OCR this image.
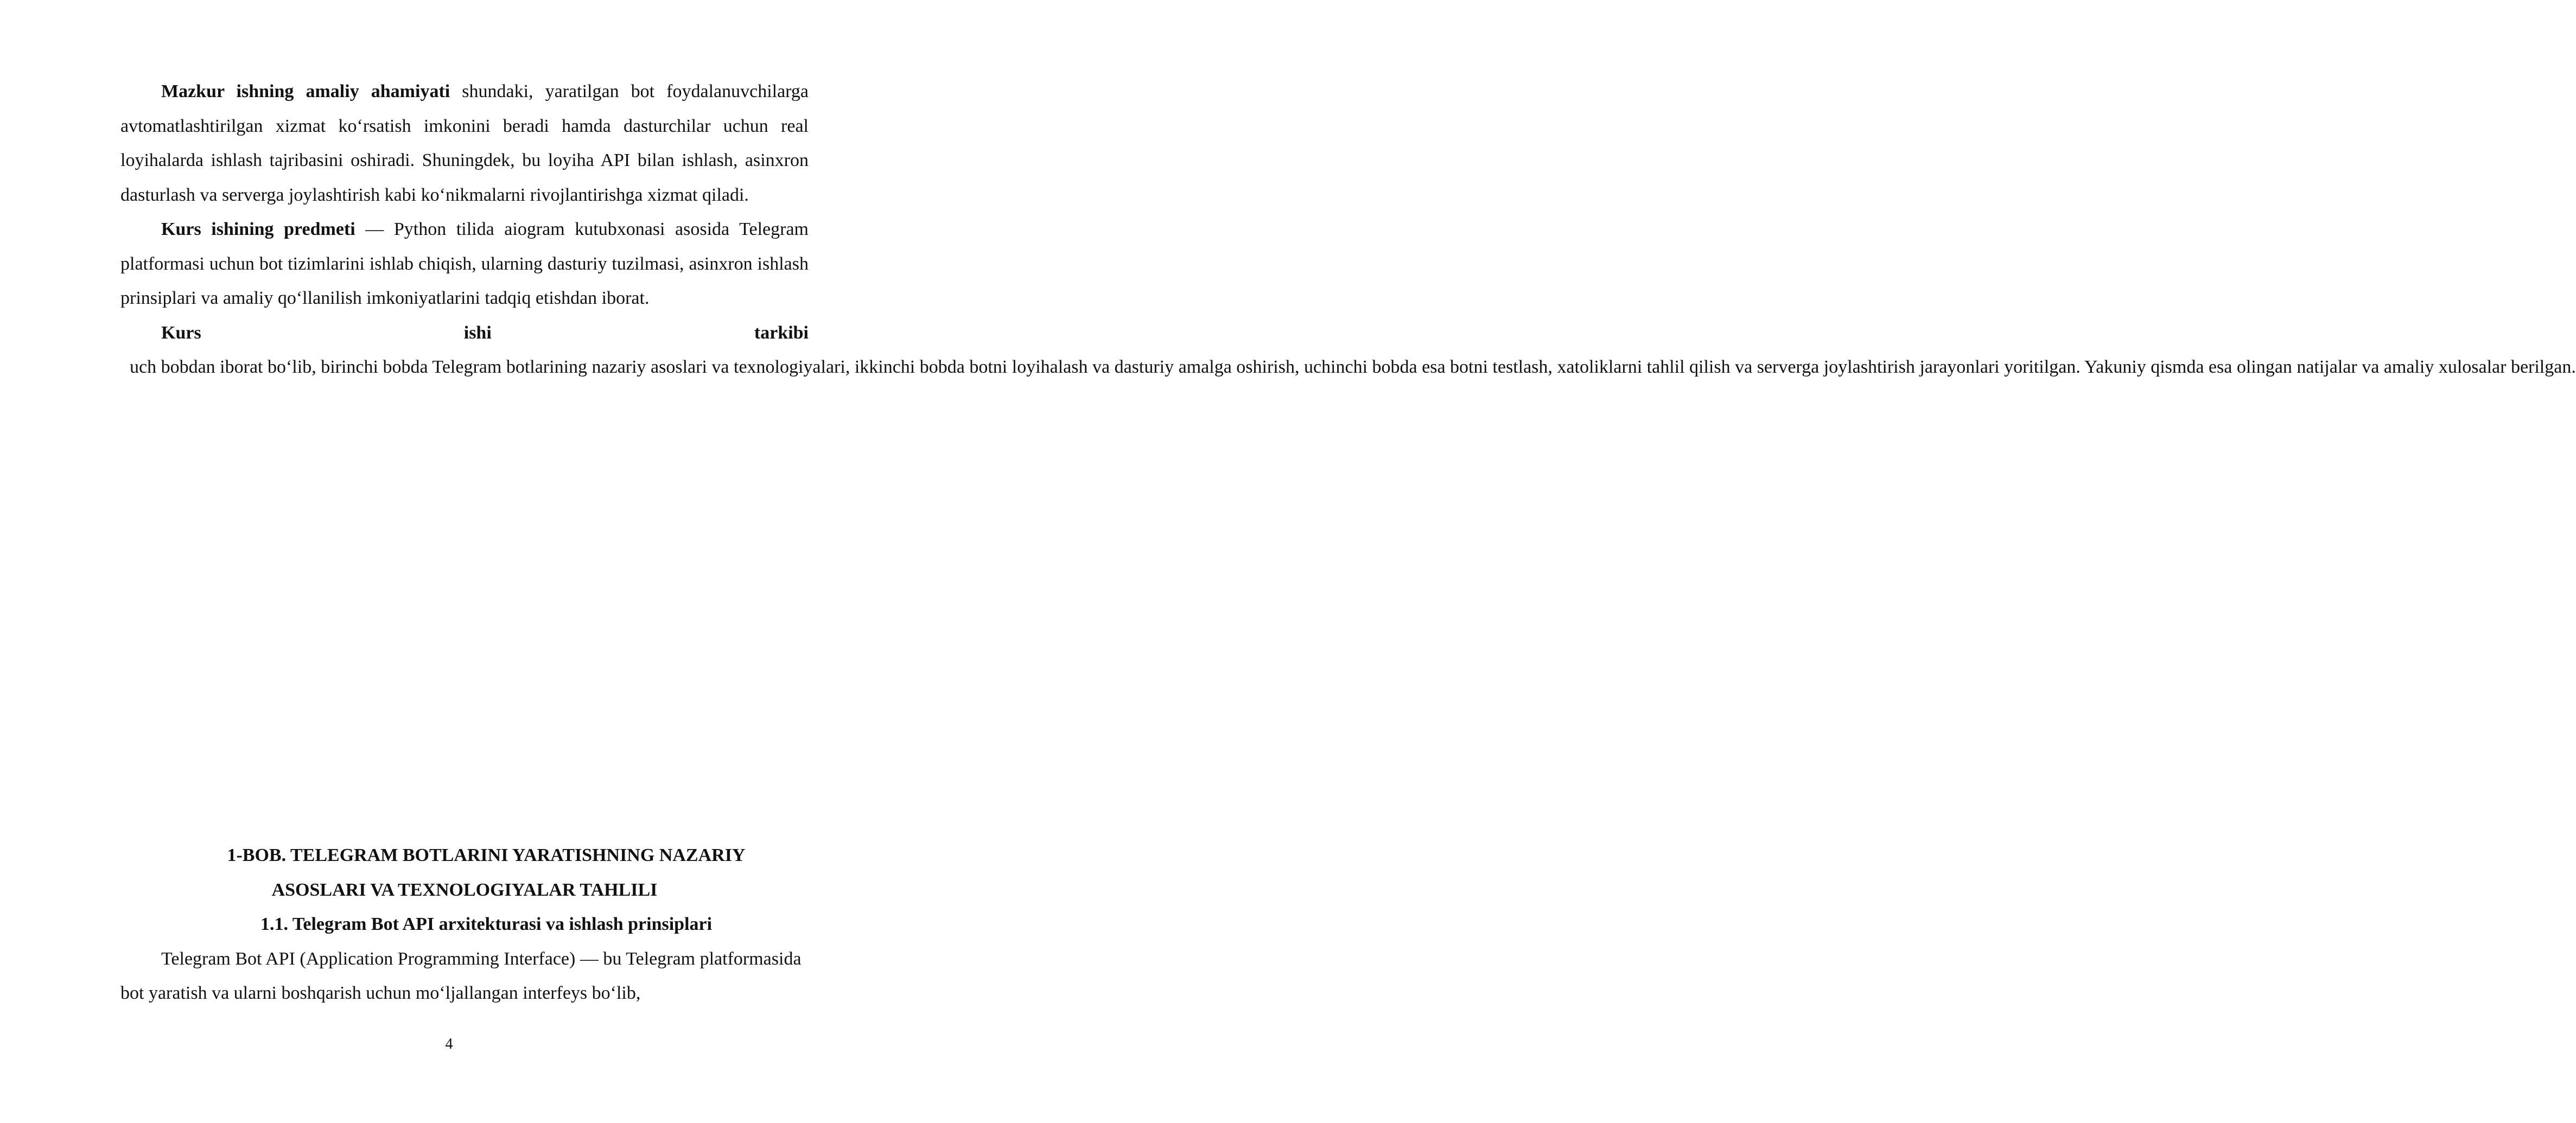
Mazkur ishning amaliy ahamiyati shundaki, yaratilgan bot foydalanuvchilarga avtomatlashtirilgan xizmat ko‘rsatish imkonini beradi hamda dasturchilar uchun real loyihalarda ishlash tajribasini oshiradi. Shuningdek, bu loyiha API bilan ishlash, asinxron dasturlash va serverga joylashtirish kabi ko‘nikmalarni rivojlantirishga xizmat qiladi.

Kurs ishining predmeti — Python tilida aiogram kutubxonasi asosida Telegram platformasi uchun bot tizimlarini ishlab chiqish, ularning dasturiy tuzilmasi, asinxron ishlash prinsiplari va amaliy qo‘llanilish imkoniyatlarini tadqiq etishdan iborat.

Kurs ishi tarkibi  uch bobdan iborat bo‘lib, birinchi bobda Telegram botlarining nazariy asoslari va texnologiyalari, ikkinchi bobda botni loyihalash va dasturiy amalga oshirish, uchinchi bobda esa botni testlash, xatoliklarni tahlil qilish va serverga joylashtirish jarayonlari yoritilgan. Yakuniy qismda esa olingan natijalar va amaliy xulosalar berilgan.

1-BOB. TELEGRAM BOTLARINI YARATISHNING NAZARIY
ASOSLARI VA TEXNOLOGIYALAR TAHLILI
1.1. Telegram Bot API arxitekturasi va ishlash prinsiplari

Telegram Bot API (Application Programming Interface) — bu Telegram platformasida bot yaratish va ularni boshqarish uchun mo‘ljallangan interfeys bo‘lib,

4
